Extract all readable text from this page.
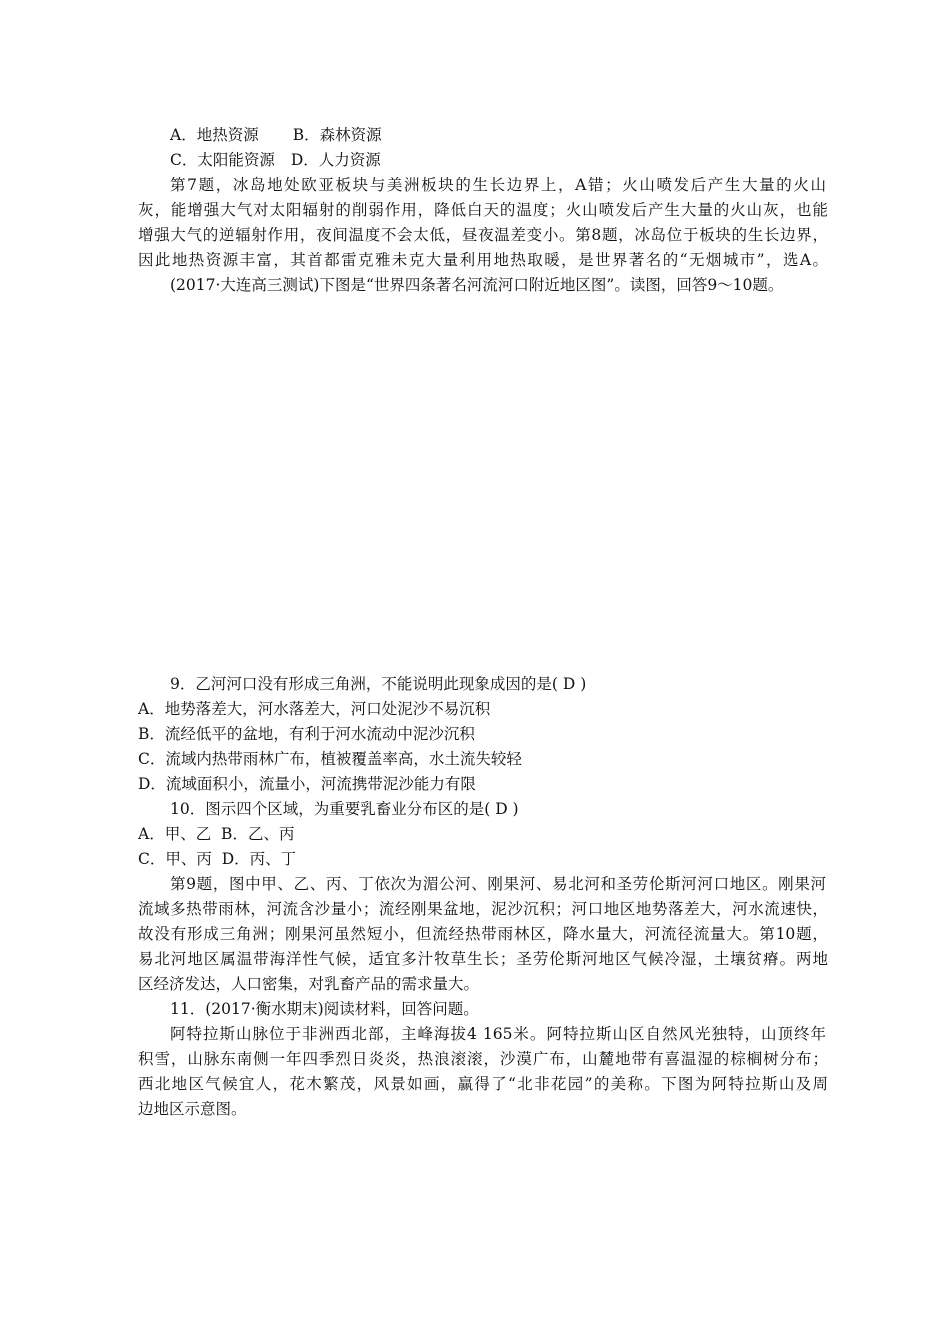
A．地热资源 B．森林资源
C．太阳能资源 D．人力资源
第7题，冰岛地处欧亚板块与美洲板块的生长边界上，A错；火山喷发后产生大量的火山
灰，能增强大气对太阳辐射的削弱作用，降低白天的温度；火山喷发后产生大量的火山灰，也能
增强大气的逆辐射作用，夜间温度不会太低，昼夜温差变小。第8题，冰岛位于板块的生长边界，
因此地热资源丰富，其首都雷克雅未克大量利用地热取暖，是世界著名的“无烟城市”，选A。
(2017·大连高三测试)下图是“世界四条著名河流河口附近地区图”。读图，回答9～10题。
9．乙河河口没有形成三角洲，不能说明此现象成因的是( D )
A．地势落差大，河水落差大，河口处泥沙不易沉积
B．流经低平的盆地，有利于河水流动中泥沙沉积
C．流域内热带雨林广布，植被覆盖率高，水土流失较轻
D．流域面积小，流量小，河流携带泥沙能力有限
10．图示四个区域，为重要乳畜业分布区的是( D )
A．甲、乙  B．乙、丙
C．甲、丙  D．丙、丁
第9题，图中甲、乙、丙、丁依次为湄公河、刚果河、易北河和圣劳伦斯河河口地区。刚果河
流域多热带雨林，河流含沙量小；流经刚果盆地，泥沙沉积；河口地区地势落差大，河水流速快，
故没有形成三角洲；刚果河虽然短小，但流经热带雨林区，降水量大，河流径流量大。第10题，
易北河地区属温带海洋性气候，适宜多汁牧草生长；圣劳伦斯河地区气候冷湿，土壤贫瘠。两地
区经济发达，人口密集，对乳畜产品的需求量大。
11．(2017·衡水期末)阅读材料，回答问题。
阿特拉斯山脉位于非洲西北部，主峰海拔4 165米。阿特拉斯山区自然风光独特，山顶终年
积雪，山脉东南侧一年四季烈日炎炎，热浪滚滚，沙漠广布，山麓地带有喜温湿的棕榈树分布；
西北地区气候宜人，花木繁茂，风景如画，赢得了“北非花园”的美称。下图为阿特拉斯山及周
边地区示意图。
